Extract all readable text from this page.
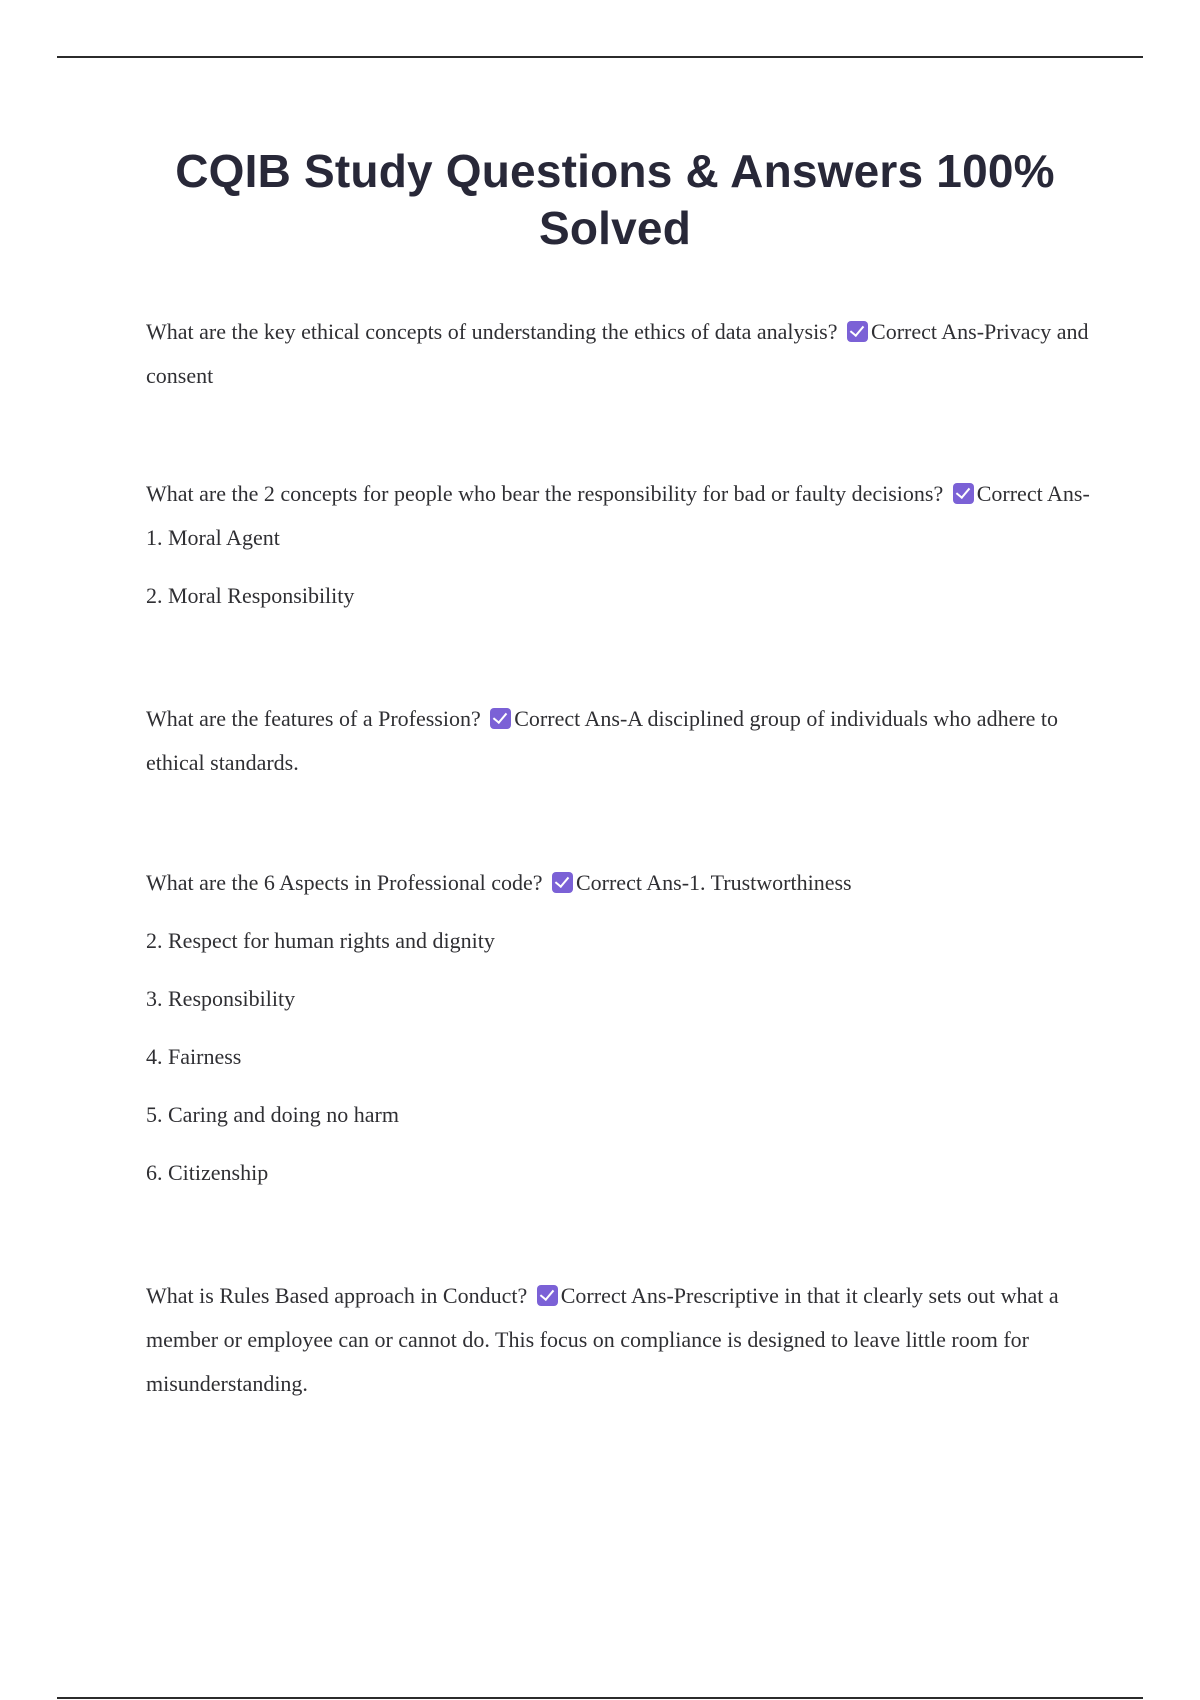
CQIB Study Questions & Answers 100% Solved

What are the key ethical concepts of understanding the ethics of data analysis? Correct Ans-Privacy and consent

What are the 2 concepts for people who bear the responsibility for bad or faulty decisions? Correct Ans-1. Moral Agent

2. Moral Responsibility

What are the features of a Profession? Correct Ans-A disciplined group of individuals who adhere to ethical standards.

What are the 6 Aspects in Professional code? Correct Ans-1. Trustworthiness

2. Respect for human rights and dignity

3. Responsibility

4. Fairness

5. Caring and doing no harm

6. Citizenship

What is Rules Based approach in Conduct? Correct Ans-Prescriptive in that it clearly sets out what a member or employee can or cannot do. This focus on compliance is designed to leave little room for misunderstanding.
